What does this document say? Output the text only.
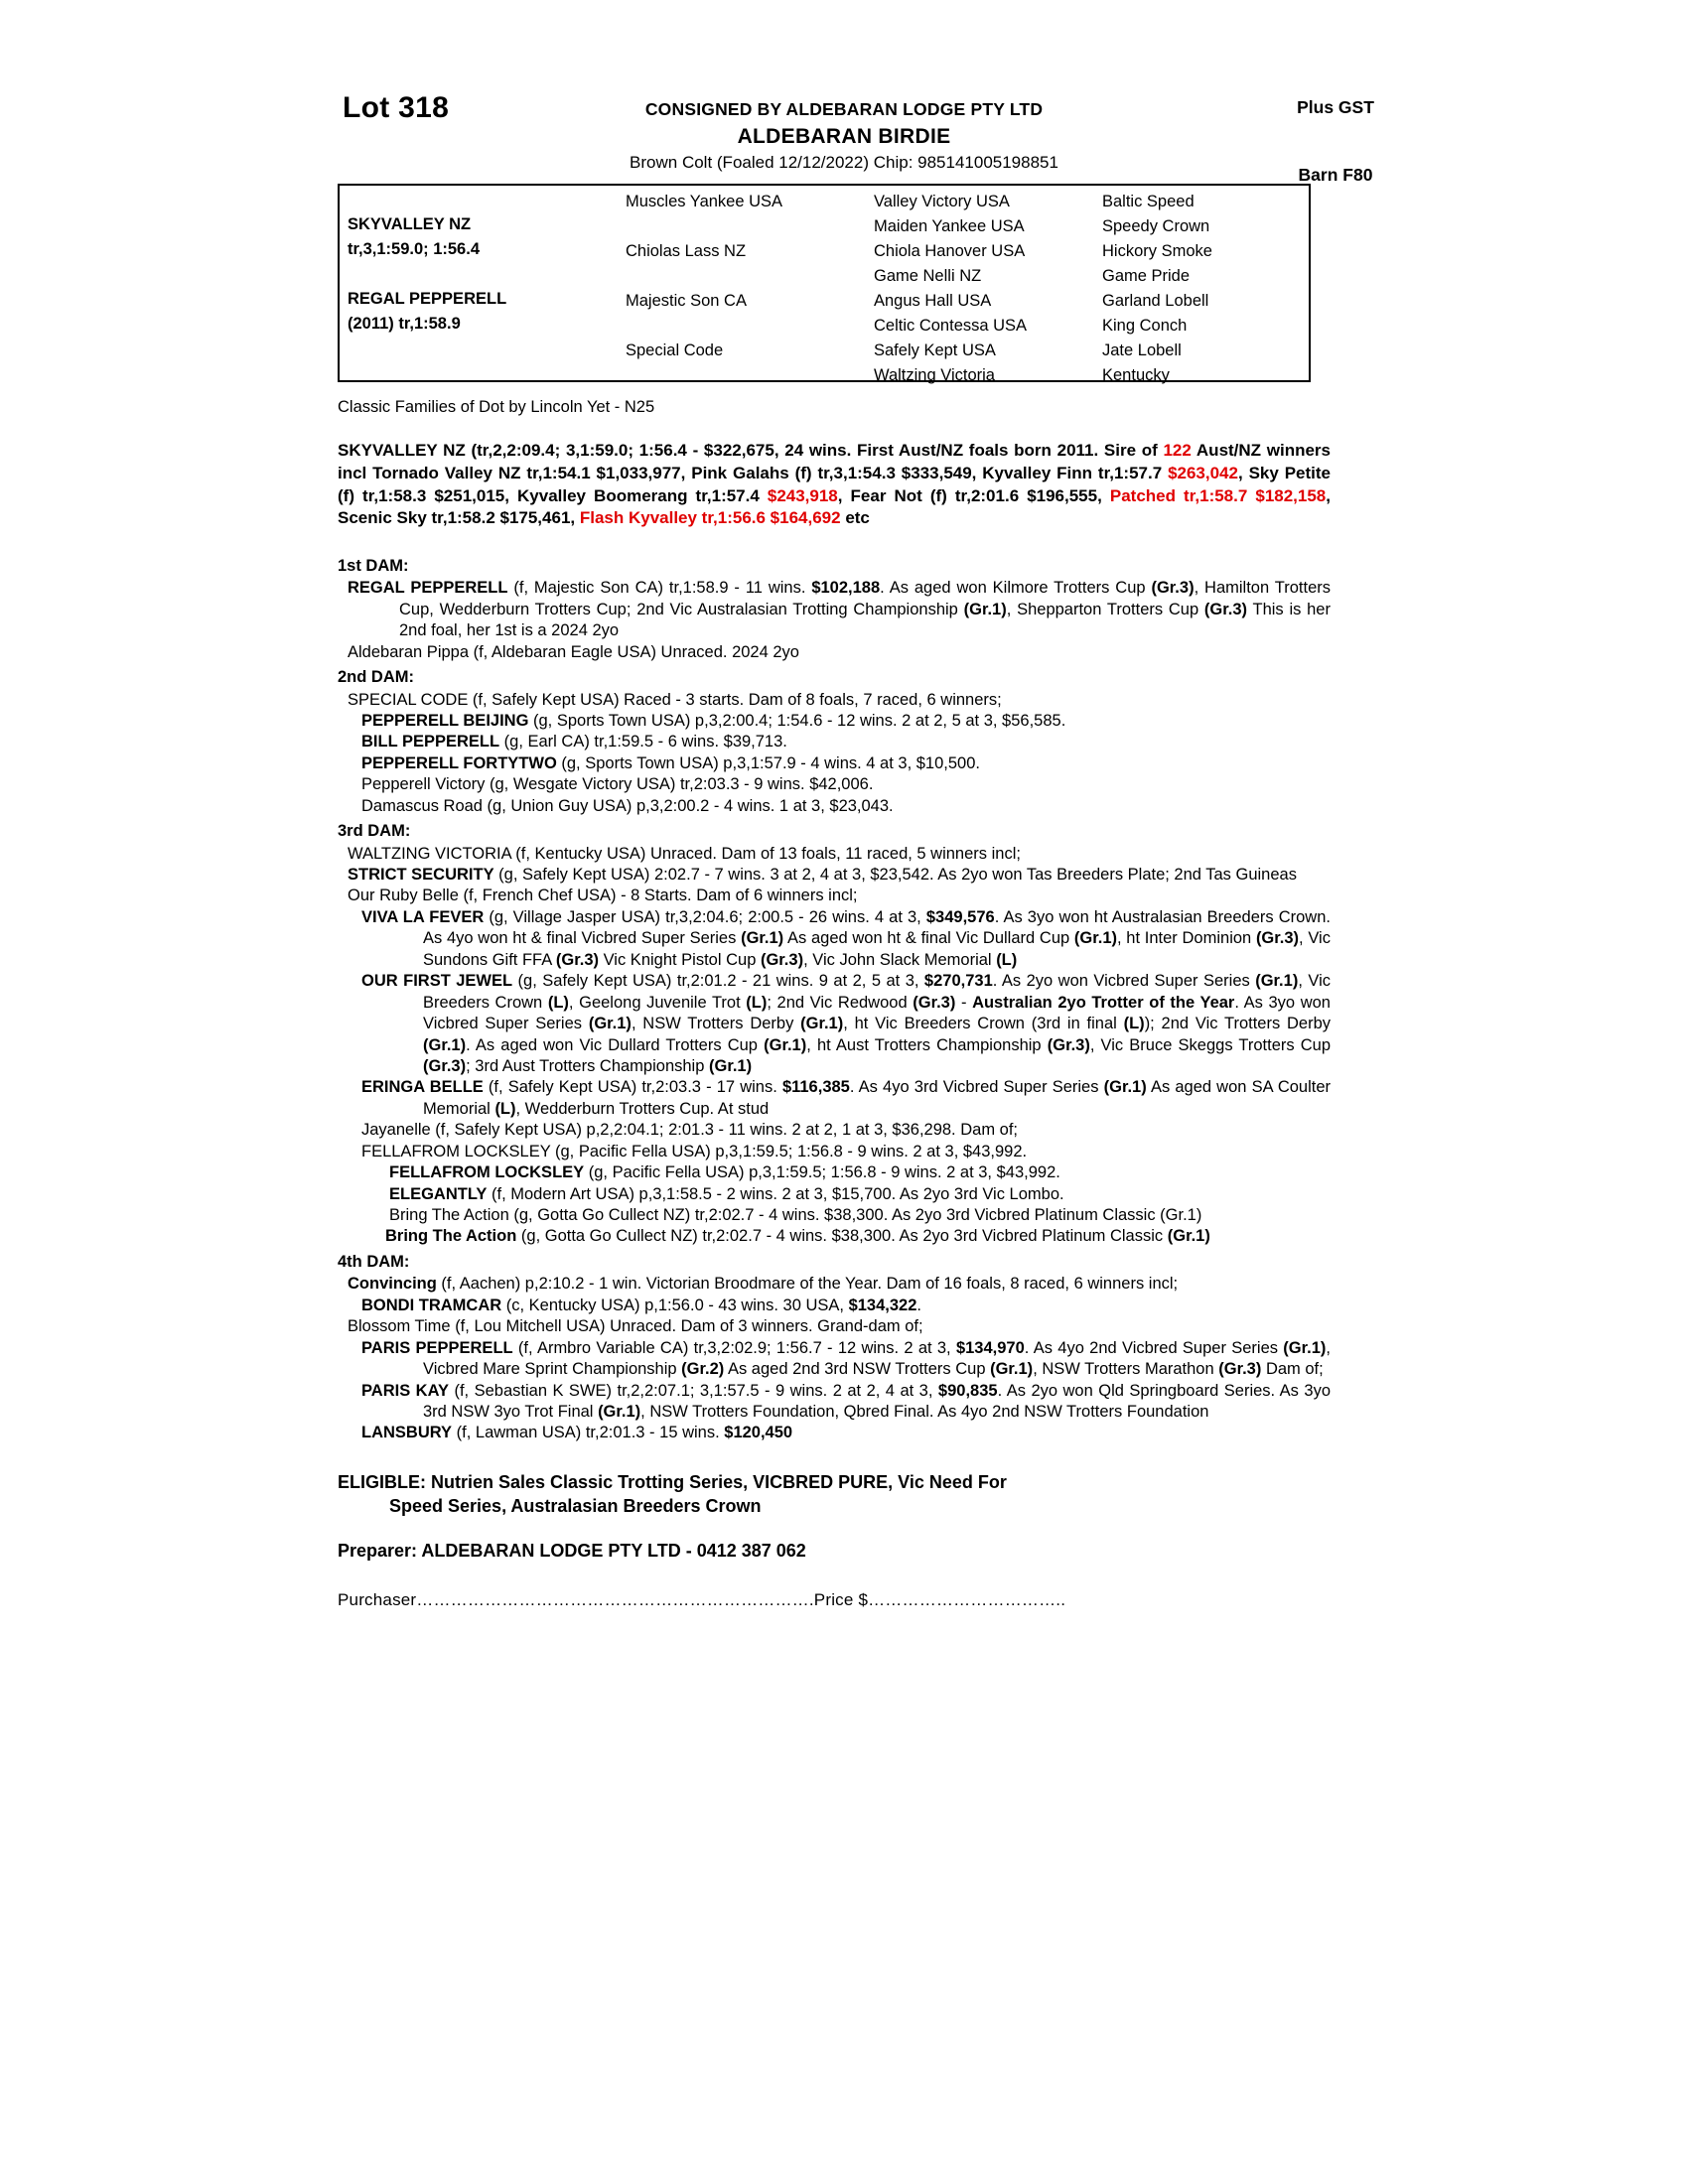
Lot 318	CONSIGNED BY ALDEBARAN LODGE PTY LTD
ALDEBARAN BIRDIE
Brown Colt (Foaled 12/12/2022) Chip: 985141005198851
Plus GST
Barn F80
SKYVALLEY NZ
tr,3,1:59.0; 1:56.4
REGAL PEPPERELL
(2011) tr,1:58.9
Muscles Yankee USA
Chiolas Lass NZ
Majestic Son CA
Special Code
Valley Victory USA
Maiden Yankee USA
Chiola Hanover USA
Game Nelli NZ
Angus Hall USA
Celtic Contessa USA
Safely Kept USA
Waltzing Victoria
Baltic Speed
Speedy Crown
Hickory Smoke
Game Pride
Garland Lobell
King Conch
Jate Lobell
Kentucky
Classic Families of Dot by Lincoln Yet - N25
SKYVALLEY NZ (tr,2,2:09.4; 3,1:59.0; 1:56.4 - $322,675, 24 wins. First Aust/NZ foals born 2011. Sire of 122 Aust/NZ winners incl Tornado Valley NZ tr,1:54.1 $1,033,977, Pink Galahs (f) tr,3,1:54.3 $333,549, Kyvalley Finn tr,1:57.7 $263,042, Sky Petite (f) tr,1:58.3 $251,015, Kyvalley Boomerang tr,1:57.4 $243,918, Fear Not (f) tr,2:01.6 $196,555, Patched tr,1:58.7 $182,158, Scenic Sky tr,1:58.2 $175,461, Flash Kyvalley tr,1:56.6 $164,692 etc
1st DAM:

REGAL PEPPERELL (f, Majestic Son CA) tr,1:58.9 - 11 wins. $102,188. As aged won Kilmore Trotters Cup (Gr.3), Hamilton Trotters Cup, Wedderburn Trotters Cup; 2nd Vic Australasian Trotting Championship (Gr.1), Shepparton Trotters Cup (Gr.3) This is her 2nd foal, her 1st is a 2024 2yo

Aldebaran Pippa (f, Aldebaran Eagle USA) Unraced. 2024 2yo

2nd DAM:

SPECIAL CODE (f, Safely Kept USA) Raced - 3 starts. Dam of 8 foals, 7 raced, 6 winners;

PEPPERELL BEIJING (g, Sports Town USA) p,3,2:00.4; 1:54.6 - 12 wins. 2 at 2, 5 at 3, $56,585.

BILL PEPPERELL (g, Earl CA) tr,1:59.5 - 6 wins. $39,713.

PEPPERELL FORTYTWO (g, Sports Town USA) p,3,1:57.9 - 4 wins. 4 at 3, $10,500.

Pepperell Victory (g, Wesgate Victory USA) tr,2:03.3 - 9 wins. $42,006.

Damascus Road (g, Union Guy USA) p,3,2:00.2 - 4 wins. 1 at 3, $23,043.

3rd DAM:

WALTZING VICTORIA (f, Kentucky USA) Unraced. Dam of 13 foals, 11 raced, 5 winners incl;

STRICT SECURITY (g, Safely Kept USA) 2:02.7 - 7 wins. 3 at 2, 4 at 3, $23,542. As 2yo won Tas Breeders Plate; 2nd Tas Guineas

Our Ruby Belle (f, French Chef USA) - 8 Starts. Dam of 6 winners incl;

VIVA LA FEVER (g, Village Jasper USA) tr,3,2:04.6; 2:00.5 - 26 wins. 4 at 3, $349,576. As 3yo won ht Australasian Breeders Crown. As 4yo won ht & final Vicbred Super Series (Gr.1) As aged won ht & final Vic Dullard Cup (Gr.1), ht Inter Dominion (Gr.3), Vic Sundons Gift FFA (Gr.3) Vic Knight Pistol Cup (Gr.3), Vic John Slack Memorial (L)

OUR FIRST JEWEL (g, Safely Kept USA) tr,2:01.2 - 21 wins. 9 at 2, 5 at 3, $270,731. As 2yo won Vicbred Super Series (Gr.1), Vic Breeders Crown (L), Geelong Juvenile Trot (L); 2nd Vic Redwood (Gr.3) - Australian 2yo Trotter of the Year. As 3yo won Vicbred Super Series (Gr.1), NSW Trotters Derby (Gr.1), ht Vic Breeders Crown (3rd in final (L)); 2nd Vic Trotters Derby (Gr.1). As aged won Vic Dullard Trotters Cup (Gr.1), ht Aust Trotters Championship (Gr.3), Vic Bruce Skeggs Trotters Cup (Gr.3); 3rd Aust Trotters Championship (Gr.1)

ERINGA BELLE (f, Safely Kept USA) tr,2:03.3 - 17 wins. $116,385. As 4yo 3rd Vicbred Super Series (Gr.1) As aged won SA Coulter Memorial (L), Wedderburn Trotters Cup. At stud

Jayanelle (f, Safely Kept USA) p,2,2:04.1; 2:01.3 - 11 wins. 2 at 2, 1 at 3, $36,298. Dam of;

FELLAFROM LOCKSLEY (g, Pacific Fella USA) p,3,1:59.5; 1:56.8 - 9 wins. 2 at 3, $43,992.

FELLAFROM LOCKSLEY (g, Pacific Fella USA) p,3,1:59.5; 1:56.8 - 9 wins. 2 at 3, $43,992.

ELEGANTLY (f, Modern Art USA) p,3,1:58.5 - 2 wins. 2 at 3, $15,700. As 2yo 3rd Vic Lombo.

Bring The Action (g, Gotta Go Cullect NZ) tr,2:02.7 - 4 wins. $38,300. As 2yo 3rd Vicbred Platinum Classic (Gr.1)

Bring The Action (g, Gotta Go Cullect NZ) tr,2:02.7 - 4 wins. $38,300. As 2yo 3rd Vicbred Platinum Classic (Gr.1)

4th DAM:

Convincing (f, Aachen) p,2:10.2 - 1 win. Victorian Broodmare of the Year. Dam of 16 foals, 8 raced, 6 winners incl;

BONDI TRAMCAR (c, Kentucky USA) p,1:56.0 - 43 wins. 30 USA, $134,322.

Blossom Time (f, Lou Mitchell USA) Unraced. Dam of 3 winners. Grand-dam of;

PARIS PEPPERELL (f, Armbro Variable CA) tr,3,2:02.9; 1:56.7 - 12 wins. 2 at 3, $134,970. As 4yo 2nd Vicbred Super Series (Gr.1), Vicbred Mare Sprint Championship (Gr.2) As aged 2nd 3rd NSW Trotters Cup (Gr.1), NSW Trotters Marathon (Gr.3) Dam of;

PARIS KAY (f, Sebastian K SWE) tr,2,2:07.1; 3,1:57.5 - 9 wins. 2 at 2, 4 at 3, $90,835. As 2yo won Qld Springboard Series. As 3yo 3rd NSW 3yo Trot Final (Gr.1), NSW Trotters Foundation, Qbred Final. As 4yo 2nd NSW Trotters Foundation

LANSBURY (f, Lawman USA) tr,2:01.3 - 15 wins. $120,450

ELIGIBLE: Nutrien Sales Classic Trotting Series, VICBRED PURE, Vic Need For
Speed Series, Australasian Breeders Crown
Preparer: ALDEBARAN LODGE PTY LTD - 0412 387 062
Purchaser…………………………………………………………….Price $……………………………..
